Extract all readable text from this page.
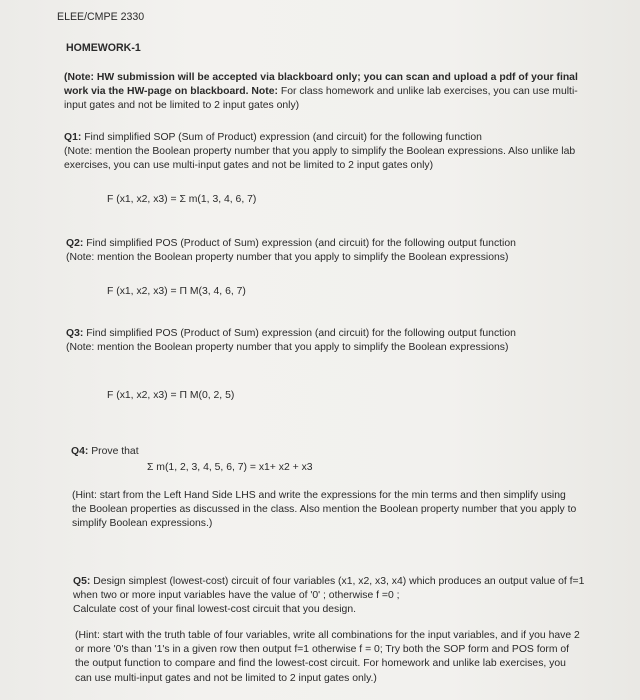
ELEE/CMPE 2330
HOMEWORK-1
(Note: HW submission will be accepted via blackboard only; you can scan and upload a pdf of your final work via the HW-page on blackboard. Note: For class homework and unlike lab exercises, you can use multi-input gates and not be limited to 2 input gates only)

Q1: Find simplified SOP (Sum of Product) expression (and circuit) for the following function

(Note: mention the Boolean property number that you apply to simplify the Boolean expressions. Also unlike lab exercises, you can use multi-input gates and not be limited to 2 input gates only)

F (x1, x2, x3) = Σ m(1, 3, 4, 6, 7)

Q2: Find simplified POS (Product of Sum) expression (and circuit) for the following output function

(Note: mention the Boolean property number that you apply to simplify the Boolean expressions)

F (x1, x2, x3) = Π M(3, 4, 6, 7)

Q3: Find simplified POS (Product of Sum) expression (and circuit) for the following output function

(Note: mention the Boolean property number that you apply to simplify the Boolean expressions)

F (x1, x2, x3) = Π M(0, 2, 5)
Q4: Prove that
Σ m(1, 2, 3, 4, 5, 6, 7) = x1+ x2 + x3
(Hint: start from the Left Hand Side LHS and write the expressions for the min terms and then simplify using the Boolean properties as discussed in the class. Also mention the Boolean property number that you apply to simplify Boolean expressions.)

Q5: Design simplest (lowest-cost) circuit of four variables (x1, x2, x3, x4) which produces an output value of f=1 when two or more input variables have the value of '0' ; otherwise f =0 ;

Calculate cost of your final lowest-cost circuit that you design.

(Hint: start with the truth table of four variables, write all combinations for the input variables, and if you have 2 or more '0's than '1's in a given row then output f=1 otherwise f = 0; Try both the SOP form and POS form of the output function to compare and find the lowest-cost circuit. For homework and unlike lab exercises, you can use multi-input gates and not be limited to 2 input gates only.)
